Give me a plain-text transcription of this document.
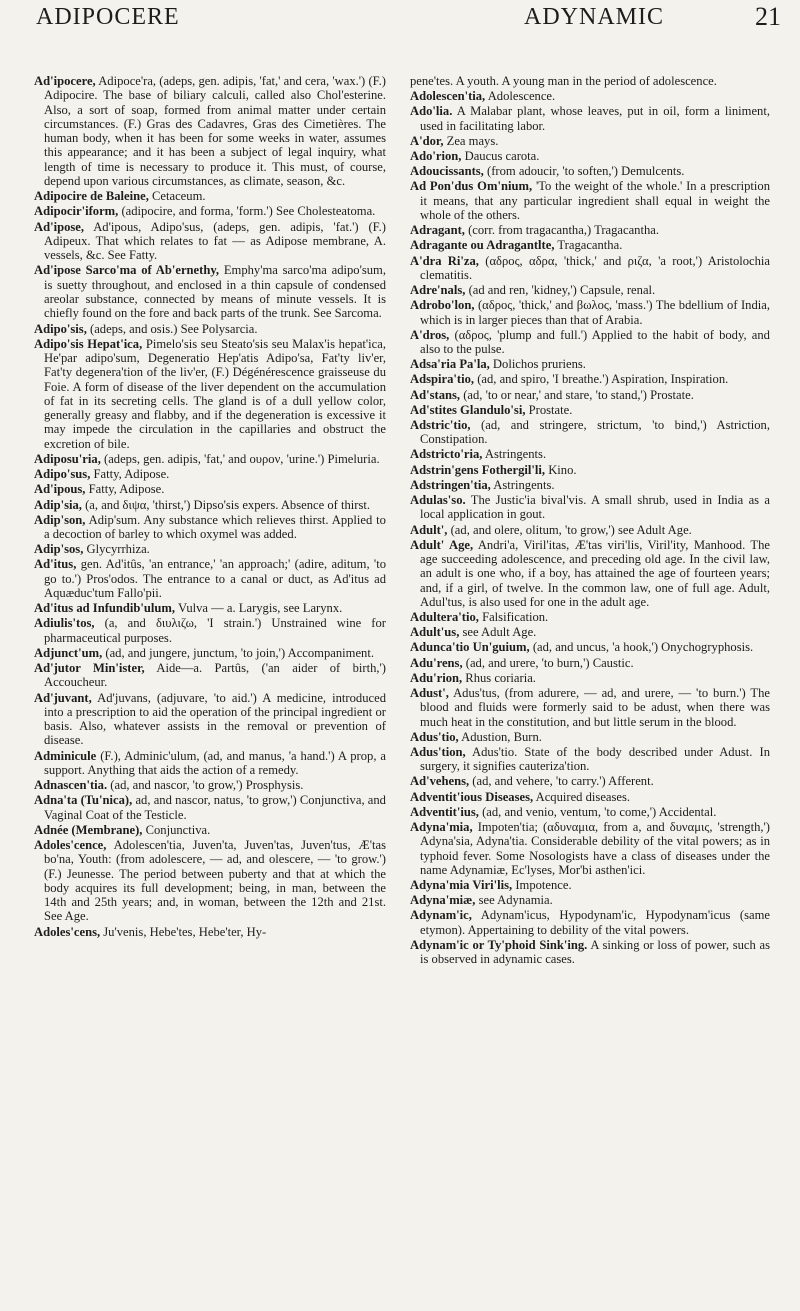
ADIPOCERE	ADYNAMIC	21

Ad'ipocere, Adipoce'ra, (adeps, gen. adipis, 'fat,' and cera, 'wax.') (F.) Adipocire. The base of biliary calculi, called also Chol'esterine. Also, a sort of soap, formed from animal matter under certain circumstances. (F.) Gras des Cadavres, Gras des Cimetières. The human body, when it has been for some weeks in water, assumes this appearance; and it has been a subject of legal inquiry, what length of time is necessary to produce it. This must, of course, depend upon various circumstances, as climate, season, &c.

Adipocire de Baleine, Cetaceum.

Adipocir'iform, (adipocire, and forma, 'form.') See Cholesteatoma.

Ad'ipose, Ad'ipous, Adipo'sus, (adeps, gen. adipis, 'fat.') (F.) Adipeux. That which relates to fat — as Adipose membrane, A. vessels, &c. See Fatty.

Ad'ipose Sarco'ma of Ab'ernethy, Emphy'ma sarco'ma adipo'sum, is suetty throughout, and enclosed in a thin capsule of condensed areolar substance, connected by means of minute vessels. It is chiefly found on the fore and back parts of the trunk. See Sarcoma.

Adipo'sis, (adeps, and osis.) See Polysarcia.

Adipo'sis Hepat'ica, Pimelo'sis seu Steato'sis seu Malax'is hepat'ica, He'par adipo'sum, Degeneratio Hep'atis Adipo'sa, Fat'ty liv'er, Fat'ty degenera'tion of the liv'er, (F.) Dégénérescence graisseuse du Foie. A form of disease of the liver dependent on the accumulation of fat in its secreting cells. The gland is of a dull yellow color, generally greasy and flabby, and if the degeneration is excessive it may impede the circulation in the capillaries and obstruct the excretion of bile.

Adiposu'ria, (adeps, gen. adipis, 'fat,' and ουρον, 'urine.') Pimeluria.

Adipo'sus, Fatty, Adipose.

Ad'ipous, Fatty, Adipose.

Adip'sia, (a, and διψα, 'thirst,') Dipso'sis expers. Absence of thirst.

Adip'son, Adip'sum. Any substance which relieves thirst. Applied to a decoction of barley to which oxymel was added.

Adip'sos, Glycyrrhiza.

Ad'itus, gen. Ad'itûs, 'an entrance,' 'an approach;' (adire, aditum, 'to go to.') Pros'odos. The entrance to a canal or duct, as Ad'itus ad Aquæduc'tum Fallo'pii.

Ad'itus ad Infundib'ulum, Vulva — a. Larygis, see Larynx.

Adiulis'tos, (a, and διυλιζω, 'I strain.') Unstrained wine for pharmaceutical purposes.

Adjunct'um, (ad, and jungere, junctum, 'to join,') Accompaniment.

Ad'jutor Min'ister, Aide—a. Partûs, ('an aider of birth,') Accoucheur.

Ad'juvant, Ad'juvans, (adjuvare, 'to aid.') A medicine, introduced into a prescription to aid the operation of the principal ingredient or basis. Also, whatever assists in the removal or prevention of disease.

Adminicule (F.), Adminic'ulum, (ad, and manus, 'a hand.') A prop, a support. Anything that aids the action of a remedy.

Adnascen'tia. (ad, and nascor, 'to grow,') Prosphysis.

Adna'ta (Tu'nica), ad, and nascor, natus, 'to grow,') Conjunctiva, and Vaginal Coat of the Testicle.

Adnée (Membrane), Conjunctiva.

Adoles'cence, Adolescen'tia, Juven'ta, Juven'tas, Juven'tus, Æ'tas bo'na, Youth: (from adolescere, — ad, and olescere, — 'to grow.') (F.) Jeunesse. The period between puberty and that at which the body acquires its full development; being, in man, between the 14th and 25th years; and, in woman, between the 12th and 21st. See Age.

Adoles'cens, Ju'venis, Hebe'tes, Hebe'ter, Hy-

pene'tes. A youth. A young man in the period of adolescence.

Adolescen'tia, Adolescence.

Ado'lia. A Malabar plant, whose leaves, put in oil, form a liniment, used in facilitating labor.

A'dor, Zea mays.

Ado'rion, Daucus carota.

Adoucissants, (from adoucir, 'to soften,') Demulcents.

Ad Pon'dus Om'nium, 'To the weight of the whole.' In a prescription it means, that any particular ingredient shall equal in weight the whole of the others.

Adragant, (corr. from tragacantha,) Tragacantha.

Adragante ou Adragantlte, Tragacantha.

A'dra Ri'za, (αδρος, αδρα, 'thick,' and ριζα, 'a root,') Aristolochia clematitis.

Adre'nals, (ad and ren, 'kidney,') Capsule, renal.

Adrobo'lon, (αδρος, 'thick,' and βωλος, 'mass.') The bdellium of India, which is in larger pieces than that of Arabia.

A'dros, (αδρος, 'plump and full.') Applied to the habit of body, and also to the pulse.

Adsa'ria Pa'la, Dolichos pruriens.

Adspira'tio, (ad, and spiro, 'I breathe.') Aspiration, Inspiration.

Ad'stans, (ad, 'to or near,' and stare, 'to stand,') Prostate.

Ad'stites Glandulo'si, Prostate.

Adstric'tio, (ad, and stringere, strictum, 'to bind,') Astriction, Constipation.

Adstricto'ria, Astringents.

Adstrin'gens Fothergil'li, Kino.

Adstringen'tia, Astringents.

Adulas'so. The Justic'ia bival'vis. A small shrub, used in India as a local application in gout.

Adult', (ad, and olere, olitum, 'to grow,') see Adult Age.

Adult' Age, Andri'a, Viril'itas, Æ'tas viri'lis, Viril'ity, Manhood. The age succeeding adolescence, and preceding old age. In the civil law, an adult is one who, if a boy, has attained the age of fourteen years; and, if a girl, of twelve. In the common law, one of full age. Adult, Adul'tus, is also used for one in the adult age.

Adultera'tio, Falsification.

Adult'us, see Adult Age.

Adunca'tio Un'guium, (ad, and uncus, 'a hook,') Onychogryphosis.

Adu'rens, (ad, and urere, 'to burn,') Caustic.

Adu'rion, Rhus coriaria.

Adust', Adus'tus, (from adurere, — ad, and urere, — 'to burn.') The blood and fluids were formerly said to be adust, when there was much heat in the constitution, and but little serum in the blood.

Adus'tio, Adustion, Burn.

Adus'tion, Adus'tio. State of the body described under Adust. In surgery, it signifies cauteriza'tion.

Ad'vehens, (ad, and vehere, 'to carry.') Afferent.

Adventit'ious Diseases, Acquired diseases.

Adventit'ius, (ad, and venio, ventum, 'to come,') Accidental.

Adyna'mia, Impoten'tia; (αδυναμια, from a, and δυναμις, 'strength,') Adyna'sia, Adyna'tia. Considerable debility of the vital powers; as in typhoid fever. Some Nosologists have a class of diseases under the name Adynamiæ, Ec'lyses, Mor'bi asthen'ici.

Adyna'mia Viri'lis, Impotence.

Adyna'miæ, see Adynamia.

Adynam'ic, Adynam'icus, Hypodynam'ic, Hypodynam'icus (same etymon). Appertaining to debility of the vital powers.

Adynam'ic or Ty'phoid Sink'ing. A sinking or loss of power, such as is observed in adynamic cases.
